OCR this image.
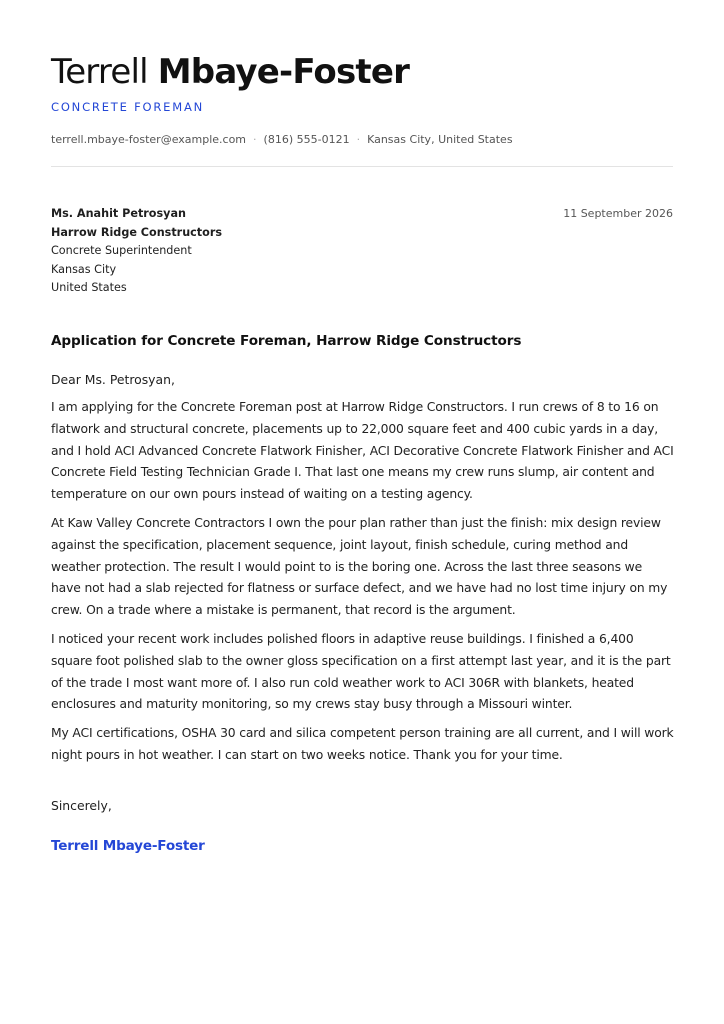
Terrell Mbaye-Foster
CONCRETE FOREMAN
terrell.mbaye-foster@example.com · (816) 555-0121 · Kansas City, United States
Ms. Anahit Petrosyan
Harrow Ridge Constructors
Concrete Superintendent
Kansas City
United States
11 September 2026
Application for Concrete Foreman, Harrow Ridge Constructors
Dear Ms. Petrosyan,
I am applying for the Concrete Foreman post at Harrow Ridge Constructors. I run crews of 8 to 16 on flatwork and structural concrete, placements up to 22,000 square feet and 400 cubic yards in a day, and I hold ACI Advanced Concrete Flatwork Finisher, ACI Decorative Concrete Flatwork Finisher and ACI Concrete Field Testing Technician Grade I. That last one means my crew runs slump, air content and temperature on our own pours instead of waiting on a testing agency.
At Kaw Valley Concrete Contractors I own the pour plan rather than just the finish: mix design review against the specification, placement sequence, joint layout, finish schedule, curing method and weather protection. The result I would point to is the boring one. Across the last three seasons we have not had a slab rejected for flatness or surface defect, and we have had no lost time injury on my crew. On a trade where a mistake is permanent, that record is the argument.
I noticed your recent work includes polished floors in adaptive reuse buildings. I finished a 6,400 square foot polished slab to the owner gloss specification on a first attempt last year, and it is the part of the trade I most want more of. I also run cold weather work to ACI 306R with blankets, heated enclosures and maturity monitoring, so my crews stay busy through a Missouri winter.
My ACI certifications, OSHA 30 card and silica competent person training are all current, and I will work night pours in hot weather. I can start on two weeks notice. Thank you for your time.
Sincerely,
Terrell Mbaye-Foster
